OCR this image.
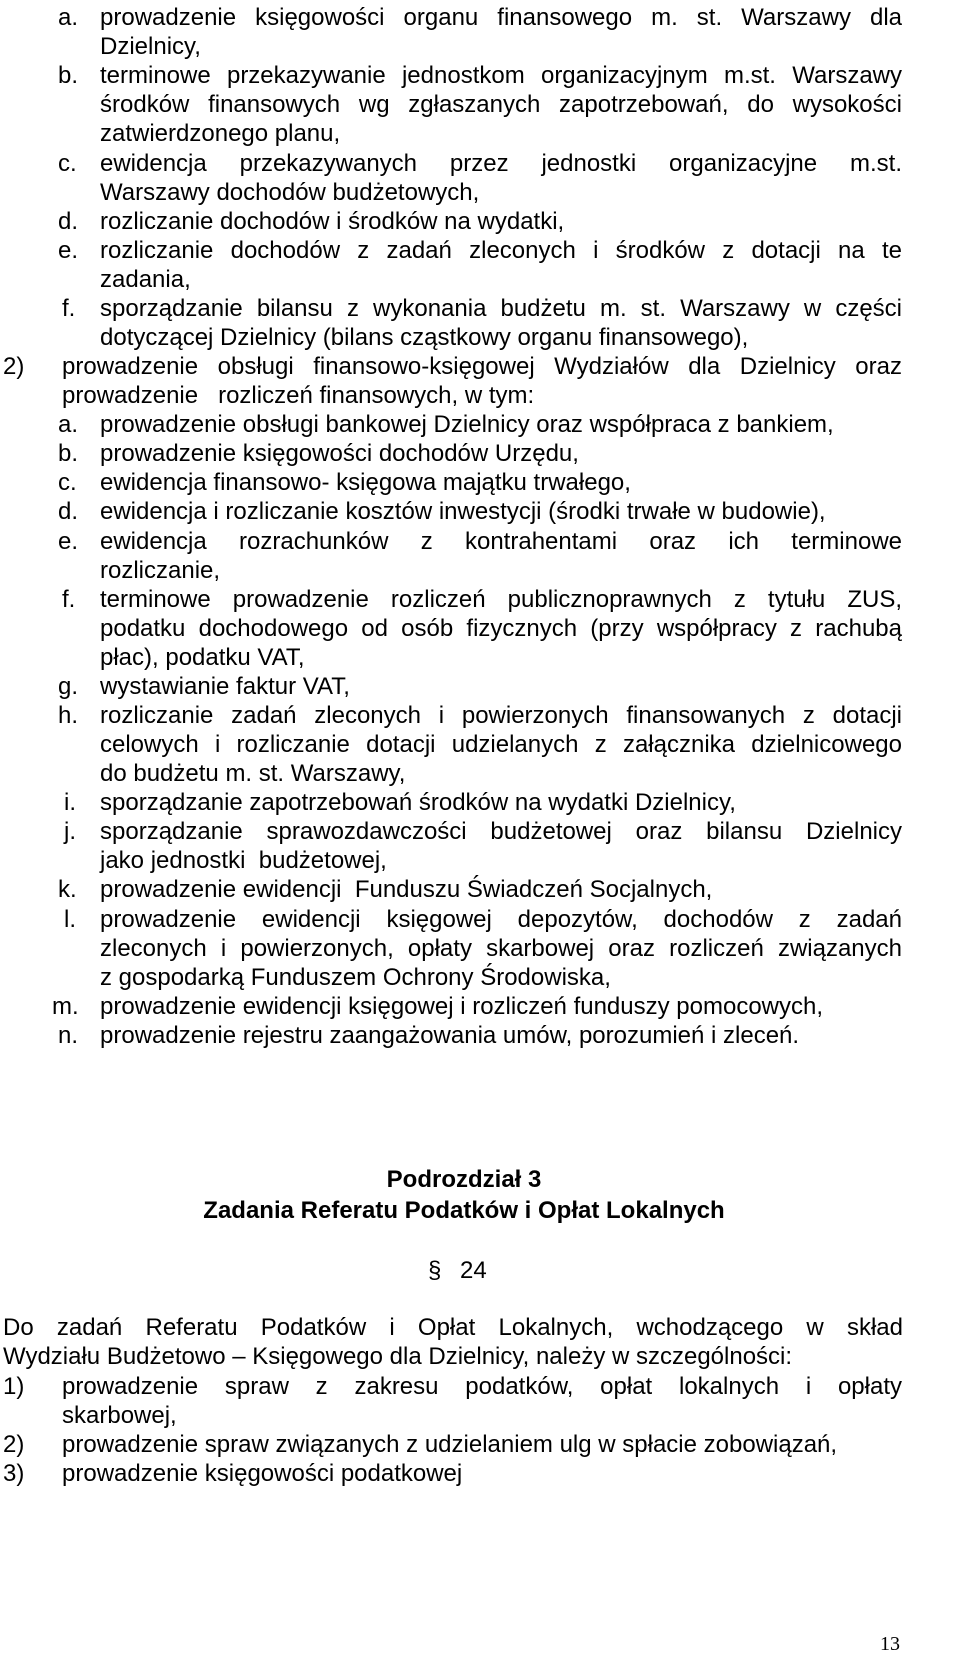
a. prowadzenie księgowości organu finansowego m. st. Warszawy dla
Dzielnicy,
b. terminowe przekazywanie jednostkom organizacyjnym m.st. Warszawy
środków finansowych wg zgłaszanych zapotrzebowań, do wysokości
zatwierdzonego planu,
c. ewidencja przekazywanych przez jednostki organizacyjne m.st.
Warszawy dochodów budżetowych,
d. rozliczanie dochodów i środków na wydatki,
e. rozliczanie dochodów z zadań zleconych i środków z dotacji na te
zadania,
f. sporządzanie bilansu z wykonania budżetu m. st. Warszawy w części
dotyczącej Dzielnicy (bilans cząstkowy organu finansowego),
2) prowadzenie obsługi finansowo-księgowej Wydziałów dla Dzielnicy oraz
prowadzenie   rozliczeń finansowych, w tym:
a. prowadzenie obsługi bankowej Dzielnicy oraz współpraca z bankiem,
b. prowadzenie księgowości dochodów Urzędu,
c. ewidencja finansowo- księgowa majątku trwałego,
d. ewidencja i rozliczanie kosztów inwestycji (środki trwałe w budowie),
e. ewidencja rozrachunków z kontrahentami oraz ich terminowe
rozliczanie,
f. terminowe prowadzenie rozliczeń publicznoprawnych z tytułu ZUS,
podatku dochodowego od osób fizycznych (przy współpracy z rachubą
płac), podatku VAT,
g. wystawianie faktur VAT,
h. rozliczanie zadań zleconych i powierzonych finansowanych z dotacji
celowych i rozliczanie dotacji udzielanych z załącznika dzielnicowego
do budżetu m. st. Warszawy,
i. sporządzanie zapotrzebowań środków na wydatki Dzielnicy,
j. sporządzanie sprawozdawczości budżetowej oraz bilansu Dzielnicy
jako jednostki  budżetowej,
k. prowadzenie ewidencji  Funduszu Świadczeń Socjalnych,
l. prowadzenie ewidencji księgowej depozytów, dochodów z zadań
zleconych i powierzonych, opłaty skarbowej oraz rozliczeń związanych
z gospodarką Funduszem Ochrony Środowiska,
m. prowadzenie ewidencji księgowej i rozliczeń funduszy pomocowych,
n. prowadzenie rejestru zaangażowania umów, porozumień i zleceń.
Podrozdział 3
Zadania Referatu Podatków i Opłat Lokalnych
§ 24
Do zadań Referatu Podatków i Opłat Lokalnych, wchodzącego w skład
Wydziału Budżetowo – Księgowego dla Dzielnicy, należy w szczególności:
1) prowadzenie spraw z zakresu podatków, opłat lokalnych i opłaty
skarbowej,
2) prowadzenie spraw związanych z udzielaniem ulg w spłacie zobowiązań,
3) prowadzenie księgowości podatkowej
13
